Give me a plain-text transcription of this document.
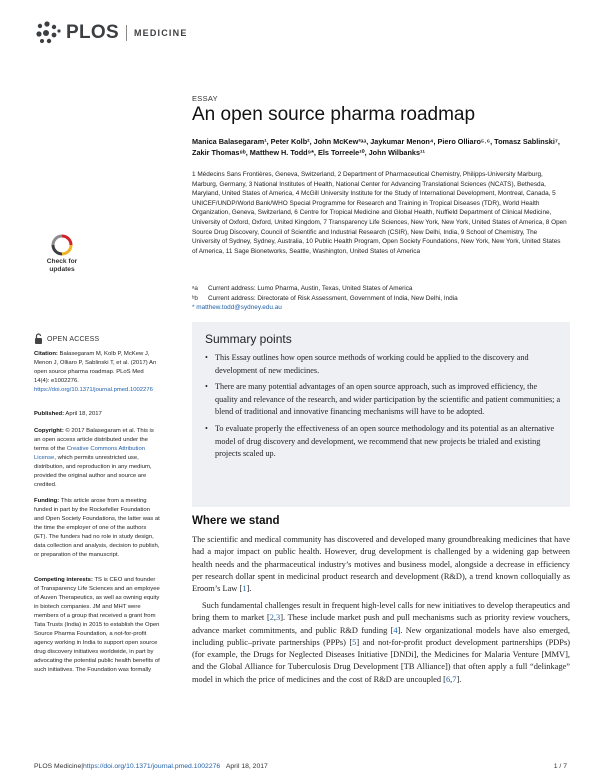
PLOS MEDICINE
ESSAY
An open source pharma roadmap
Manica Balasegaram¹, Peter Kolb², John McKew³ᵃᵃ, Jaykumar Menon⁴, Piero Olliaro⁵˒⁶, Tomasz Sablinski⁷, Zakir Thomas⁸ᵇ, Matthew H. Todd⁹*, Els Torreele¹⁰, John Wilbanks¹¹
1 Médecins Sans Frontières, Geneva, Switzerland, 2 Department of Pharmaceutical Chemistry, Philipps-University Marburg, Marburg, Germany, 3 National Institutes of Health, National Center for Advancing Translational Sciences (NCATS), Bethesda, Maryland, United States of America, 4 McGill University Institute for the Study of International Development, Montreal, Canada, 5 UNICEF/UNDP/World Bank/WHO Special Programme for Research and Training in Tropical Diseases (TDR), World Health Organization, Geneva, Switzerland, 6 Centre for Tropical Medicine and Global Health, Nuffield Department of Clinical Medicine, University of Oxford, Oxford, United Kingdom, 7 Transparency Life Sciences, New York, New York, United States of America, 8 Open Source Drug Discovery, Council of Scientific and Industrial Research (CSIR), New Delhi, India, 9 School of Chemistry, The University of Sydney, Sydney, Australia, 10 Public Health Program, Open Society Foundations, New York, New York, United States of America, 11 Sage Bionetworks, Seattle, Washington, United States of America
ᵃa	Current address: Lumo Pharma, Austin, Texas, United States of America
ᵇb	Current address: Directorate of Risk Assessment, Government of India, New Delhi, India
* matthew.todd@sydney.edu.au
Check for
updates
OPEN ACCESS
Citation: Balasegaram M, Kolb P, McKew J, Menon J, Olliaro P, Sablinski T, et al. (2017) An open source pharma roadmap. PLoS Med 14(4): e1002276. https://doi.org/10.1371/journal.pmed.1002276
Published: April 18, 2017
Copyright: © 2017 Balasegaram et al. This is an open access article distributed under the terms of the Creative Commons Attribution License, which permits unrestricted use, distribution, and reproduction in any medium, provided the original author and source are credited.
Funding: This article arose from a meeting funded in part by the Rockefeller Foundation and Open Society Foundations, the latter was at the time the employer of one of the authors (ET). The funders had no role in study design, data collection and analysis, decision to publish, or preparation of the manuscript.
Competing interests: TS is CEO and founder of Transparency Life Sciences and an employee of Auven Therapeutics, as well as owning equity in biotech companies. JM and MHT were members of a group that received a grant from Tata Trusts (India) in 2015 to establish the Open Source Pharma Foundation, a not-for-profit agency working in India to support open source drug discovery initiatives worldwide, in part by advocating the potential public health benefits of such initiatives. The Foundation was formally
Summary points
• This Essay outlines how open source methods of working could be applied to the discovery and development of new medicines.
• There are many potential advantages of an open source approach, such as improved efficiency, the quality and relevance of the research, and wider participation by the scientific and patient communities; a blend of traditional and innovative financing mechanisms will have to be adopted.
• To evaluate properly the effectiveness of an open source methodology and its potential as an alternative model of drug discovery and development, we recommend that new projects be trialed and existing projects scaled up.
Where we stand

The scientific and medical community has discovered and developed many groundbreaking medicines that have had a major impact on public health. However, drug development is challenged by a widening gap between health needs and the pharmaceutical industry’s motives and business model, alongside a decrease in efficiency per research dollar spent in medicinal product research and development (R&D), a trend known colloquially as Eroom’s Law [1].

Such fundamental challenges result in frequent high-level calls for new initiatives to develop therapeutics and bring them to market [2,3]. These include market push and pull mechanisms such as priority review vouchers, advance market commitments, and public R&D funding [4]. New organizational models have also emerged, including public–private partnerships (PPPs) [5] and not-for-profit product development partnerships (PDPs) (for example, the Drugs for Neglected Diseases Initiative [DNDi], the Medicines for Malaria Venture [MMV], and the Global Alliance for Tuberculosis Drug Development [TB Alliance]) that often apply a full “delinkage” model in which the price of medicines and the cost of R&D are uncoupled [6,7].

PLOS Medicine | https://doi.org/10.1371/journal.pmed.1002276
April 18, 2017	1 / 7
